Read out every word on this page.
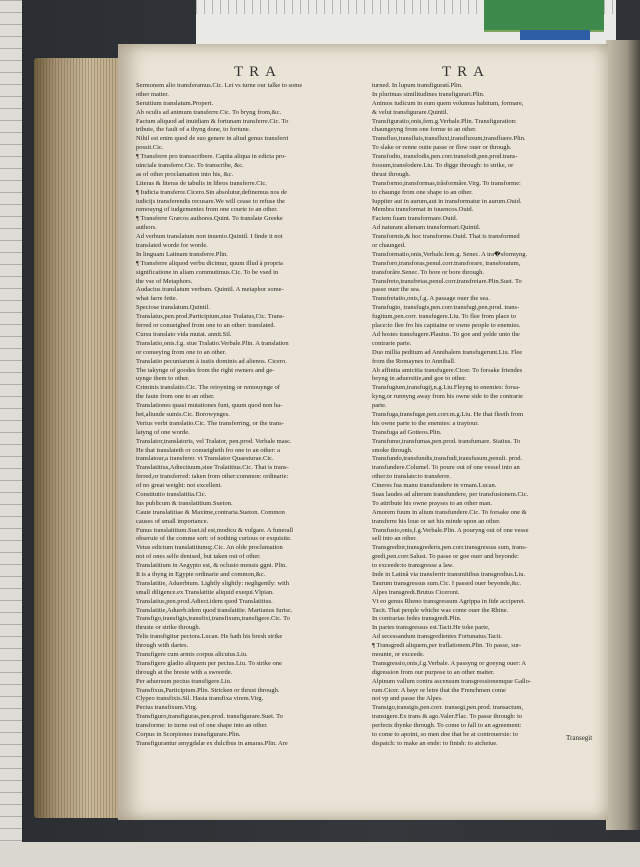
TRA	TRA
Sermonem alio transferamus.Cic. Let vs turne our talke to some
other matter.
Seruitium translatum.Propert.
Ab oculis ad animum transferre.Cic. To bryng from,&c.
Factum aliquod ad inuidiam & fortunam transferre.Cic. To
tribute, the fault of a thyng done, to fortune.
Nihil est enim quod de suo genere in aliud genus transferri
possit.Cic.
¶ Transferre pro transscribere. Capita aliqua in edicta pro-
uinciale transferre.Cic. To transcribe, &c.
as of other proclamation into his, &c.
Literas & literas de tabulis in libros transferre.Cic.
¶ Iudicia transferre.Cicero.Sin absolutur,definemus nos de
iudicijs transferendis recusare.We will cease to refuse the
remouyng of iudgementes from one courte to an other.
¶ Transferre Græcos authores.Quint. To translate Greeke
authors.
Ad verbum translatum non inuenio.Quintil. I finde it not
translated worde for worde.
In linguam Latinam transferre.Plin.
¶ Transferre aliquod verbu dicimur, quum illud à propria
significatione in aliam commutimus.Cic. To be vsed in
the vse of Metaphors.
Audacius translatum verbum. Quintil. A metaphor some-
what farre fette.
Speciose translatum.Quintil.
Translatus,pen.prod.Participium,siue Tralatus,Cic. Trans-
ferred or conueighed from one to an other: translated.
Cursu translato vida mutat. annit.Sil.
Translatio,onis.f.g. siue Tralatio.Verbale.Plin. A translation
or conueying from one to an other.
Translatio pecuniarum à iustis dominis ad alienos. Cicero.
The takynge of goodes from the right owners and ge-
uynge them to other.
Criminis translatio.Cic. The reioyning or remouynge of
the faute from one to an other.
Translationes quasi mutationes funt, quum quod non ha-
bet,aliunde sumis.Cic. Borowynges.
Verius verbi translatio.Cic. The transferring, or the trans-
latyng of one worde.
Translator,translatoris, vel Tralator, pen.prod. Verbale masc.
He that translateth or conueigheth fro one to an other: a
translatour,a transferer. vt Translator Quaesturae.Cic.
Translatitius,Adiectiuum,siue Tralatitius.Cic. That is trans-
ferred,or transferred: taken from other:common: ordinarie:
of no great weight: not excellent.
Constitutio translatitia.Cic.
Ius publicum & translatitium.Sueton.
Caute translatitiae & Maxime,contraria.Sueton. Common
causes of small importance.
Funus translatitium.Suet.id est,modicu & vulgare. A funerall
obseruie of the comme sort: of nothing curious or exquisite.
Vetus edictum translatitiumq;.Cic. An olde proclamation
not of ones selfe denised, but taken out of other.
Translatitium in Aegypto est, & oclusio mensis ggni. Plin.
It is a thyng in Egypte ordinarie and common,&c.
Translatitie, Aduerbium. Lightly slightly: negligently: with
small diligence.ex Translatitie aliquid exequi.Vlpian.
Translatius,pen.prod.Adiect.idem quod Translatitius.
Translatitie,Aduerb.idem quod translatitie. Martianus Iurisc.
Transfigo,transfigis,transfixi,transfixum,transfigere.Cic. To
thruste or strike through.
Telis transfigitur pectora.Lucan. He hath his bresh strike
through with dartes.
Transfigere cum armis corpus alicuius.Liu.
Transfigere gladio aliquem per pectus.Liu. To strike one
through at the breste with a swoorde.
Per aduersum pectus transfigere.Liu.
Transfixus,Participium.Plin. Stricken or thrust through.
Clypeo transfixis.Sil. Hasta transfixa virem.Virg.
Pectus transfixum.Virg.
Transfiguro,transfiguras,pen.prod. transfigurare.Suet. To
transforme: to turne out of one shape into an other.
Corpus in Scorpiones transfigurare.Plin.
Transfigurantur amygdalæ ex dulcibus in amaras.Plin. Are
turned. In lupum transfiguratí.Plin.
In plurimas similitudines transfigurari.Plin.
Animos iudicum in eum quem volumus habitum, formare,
& velut transfigurare.Quintil.
Transfiguratio,onis,fem.g.Verbale.Plin. Transfiguration:
chaungeyng from one forme to an other.
Transfluo,transfluis,transfluxi,transfluxum,transfluere.Plin.
To slake or renne ouite passe or flow ouer or through.
Transfodio, transfodis,pen.corr.transfodi,pen.prod.trans-
fossum,transfodere.Liu. To digge through: to strike, or
thrust through.
Transformo,transformas,trâsformâre.Virg. To transforme:
to chaunge from one shape to an other.
Iuppiter aut in aurum,aut in transformatur in aurum.Ouid.
Membra transformat in iuuencos.Ouid.
Faciem fuam transformare.Ouid.
Ad naturam alienam transformari.Quintil.
Transformis,& hoc transforme.Ouid. That is transformed
or chaunged.
Transformatio,onis,Verbale.fem.g. Senec. A tra�sformyng.
Transforo,transforas,penul.corr.transforare, transforatum,
transforâre.Senec. To bore or bore through.
Transfreto,transfretas,penul.corr.transfretare.Plin.Suet. To
passe ouer the sea.
Transfretatio,onis,f.g. A passage ouer the sea.
Transfugio, transfugis,pen.corr.transfugi,pen.prod. trans-
fugitum,pen.corr. transfugere.Liu. To flee from place to
place:to flee fro his capitaine or owne people to enemies.
Ad hostes transfugere.Plautus. To goe and yelde unto the
contrarie parte.
Duo millia peditum ad Annibalem transfugerunt.Liu. Flee
from the Romaynes to Anniball.
Ab affinita amicitia transfugere.Cicer. To forsake friendes
beyng in aduersitie,and goe to other.
Transfugium,transfugij,n.g.Liu.Fleyng to enemies: forsa-
kyng,or runnyng away from his owne side to the contrarie
parte.
Transfuga,transfugæ,pen.corr.m.g.Liu. He that fleeth from
his owne parte to the enemies: a traytour.
Transfuga ad Gotteos.Plin.
Transfumo,transfumas,pen.prod. transfumare. Statius. To
smoke through.
Transfundo,transfundis,transfudi,transfusum,penult. prod.
transfundere.Columel. To poure out of one vessel into an
other:to translate:to transferre.
Cineres fua manu transfundere in vrnam.Lucan.
Suas laudes ad alterum transfundere, per transfusionem.Cic.
To attribute his owne prayses to an other man.
Amorem fuum in alium transfundere.Cic. To forsake one &
transferre his loue or set his minde upon an other.
Transfusio,onis,f.g.Verbale.Plin. A pouryng out of one vesse
sell into an other.
Transgredior,transgrederis,pen.corr.transgressus sum, trans-
gredi,pen.corr.Salust. To passe or goe ouer and beyonde:
to exceede:to transgresse a law.
Inde in Latinâ via transferrir transmitibus transgredius.Liu.
Taurum transgressus sum.Cic. I passed ouer beyonde,&c.
Alpes transgredi.Brutus Ciceroni.
Vt eo genus Rheno transgressum Agrippa in fide acciperet.
Tacit. That people whiche was come ouer the Rhine.
In contrarias fedes transgredi.Plin.
In partes transgressus est.Tacit.He toke parte,
Ad secessandum transgredientes Fortunatus.Tacit.
¶ Transgredi aliquem,per traflationem.Plin. To passe, sur-
mounte, or exceede.
Transgressio,onis,f.g.Verbale. A passyng or goeyng ouer: A
digression from our purpose to an other matter.
Alpinum vallum contra ascensum transgressionemque Gallo-
rum.Cicer. A bayr or letre that the Frenchmen come
not vp and passe the Alpes.
Transigo,transigis,pen.corr. transegi,pen.prod. transactum,
transigere.Ex trans & ago.Valer.Flac. To passe through: to
perfects thynke through. To come to fall to an agreement:
to come to apoint, so men doe that be at controuersie: to
dispatch: to make an ende: to finish: to atcheiue.
Transegit
